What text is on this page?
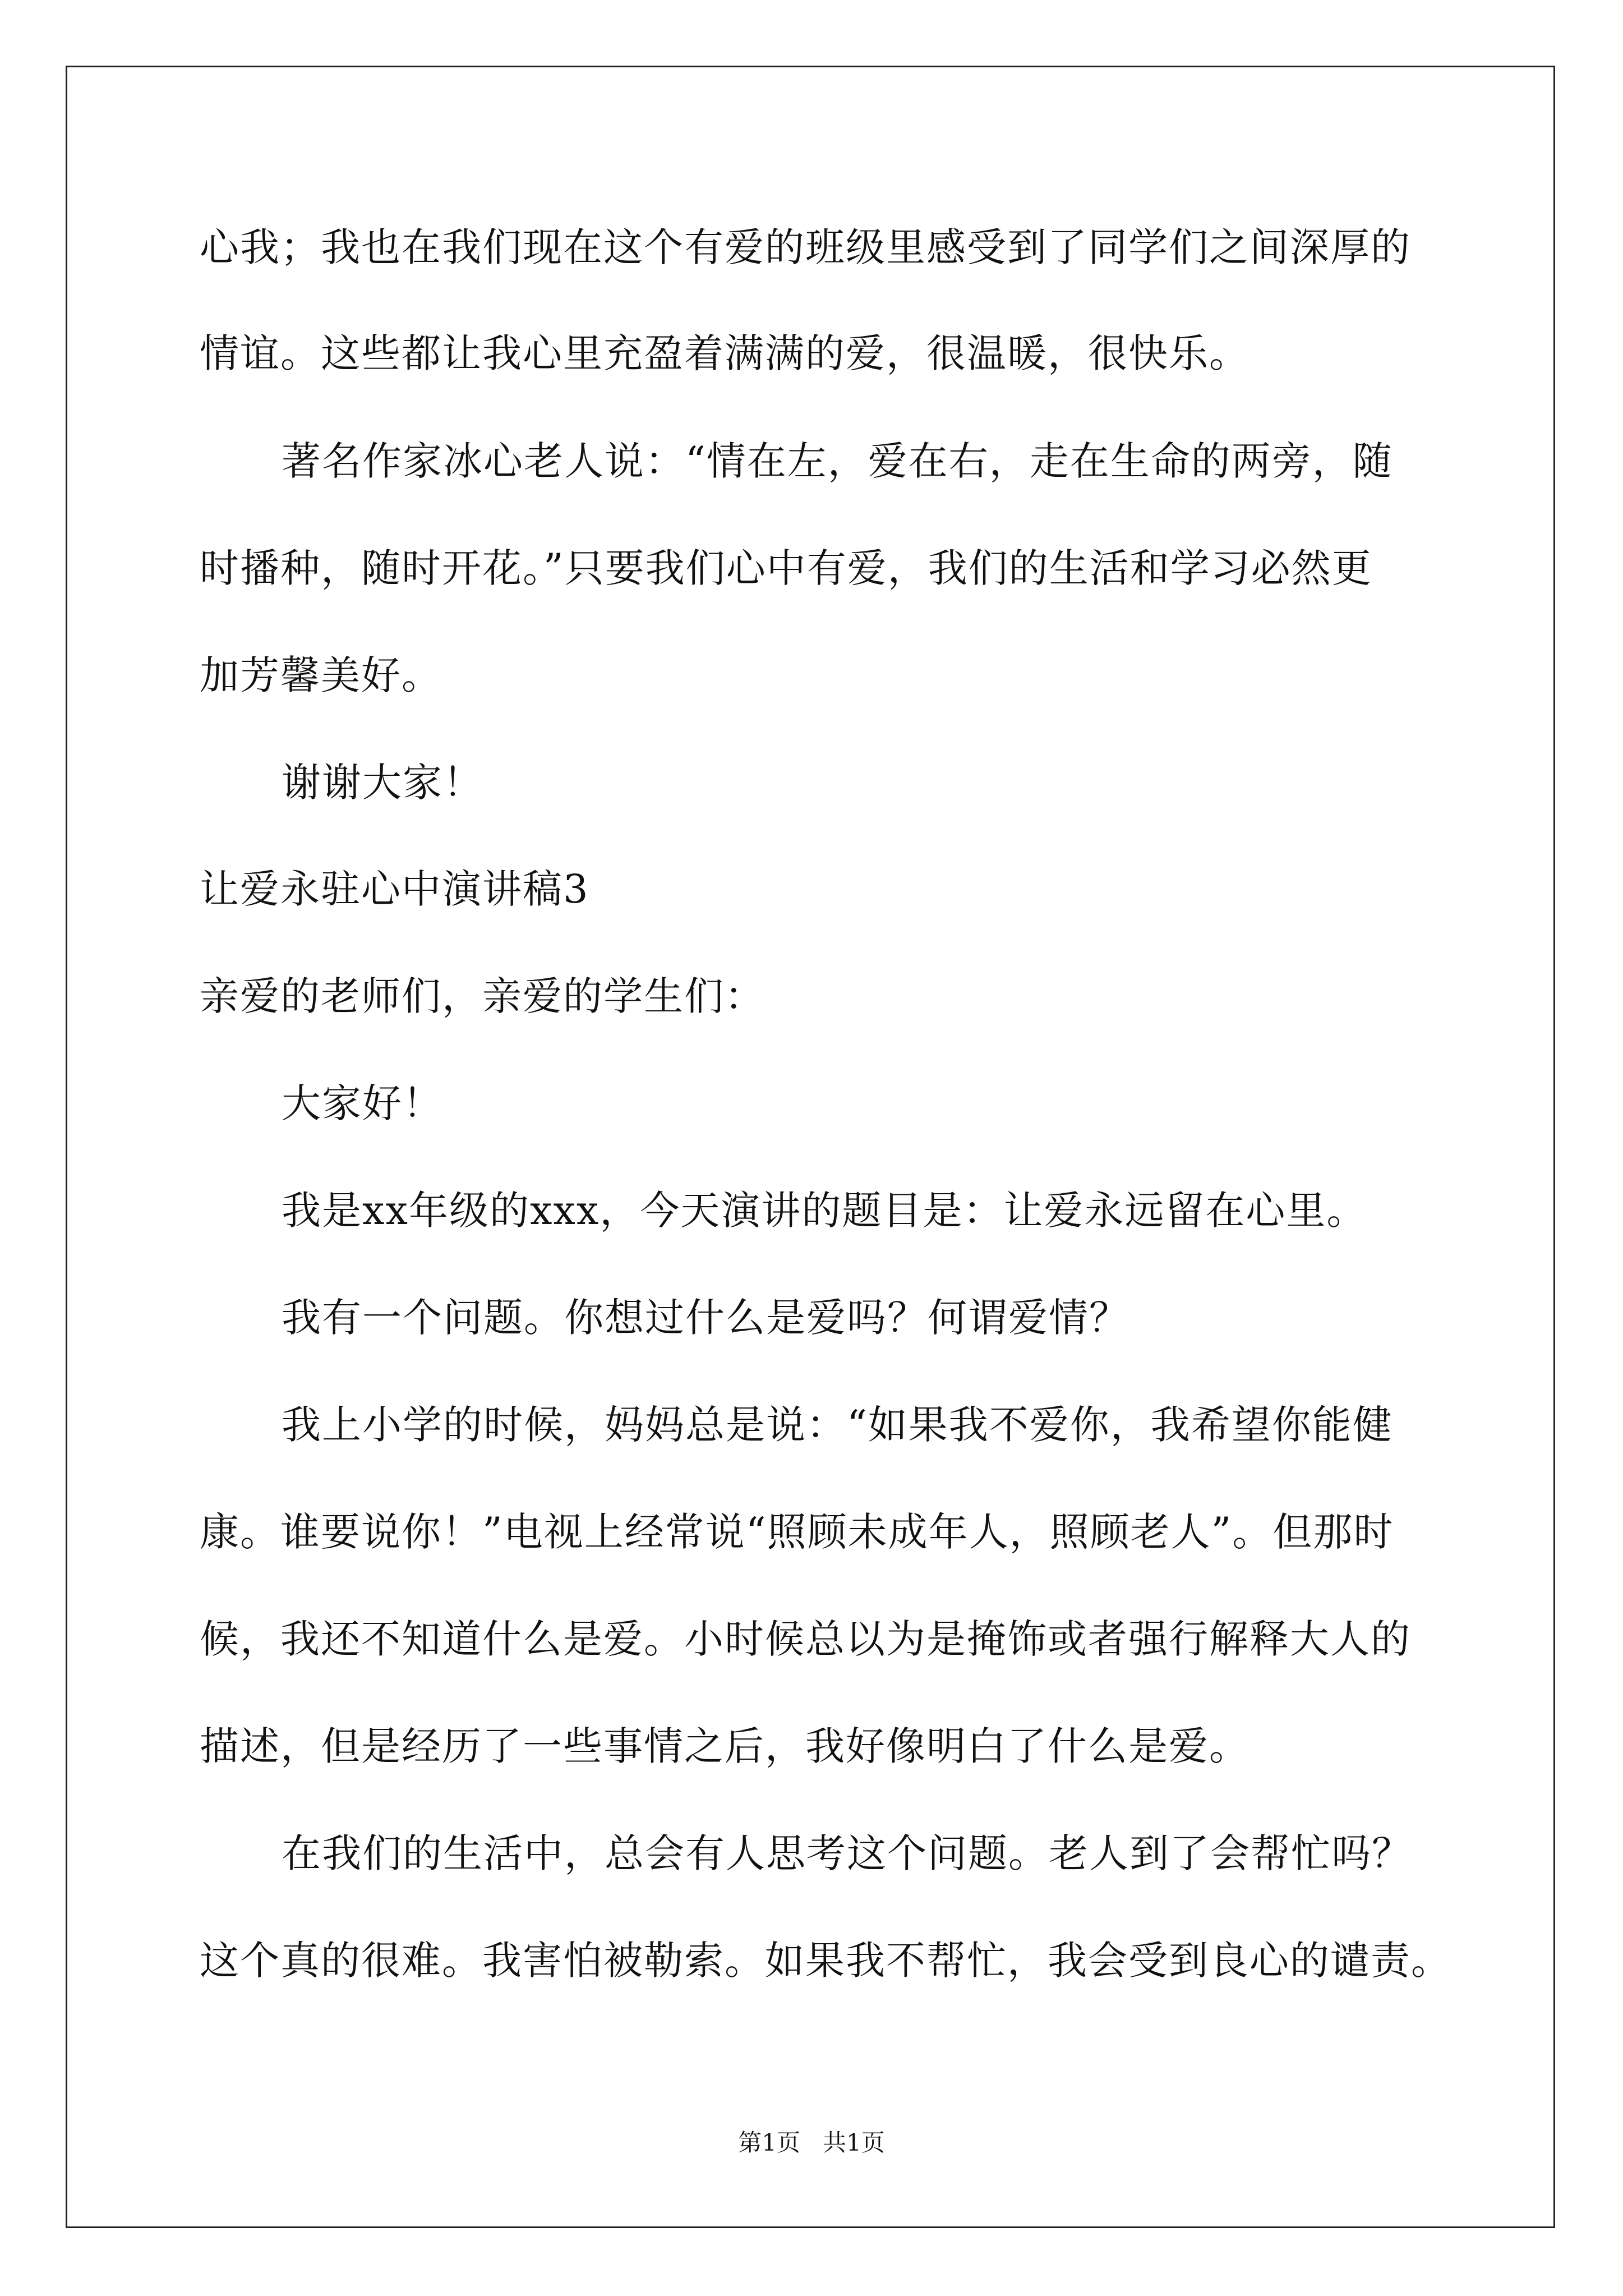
心我；我也在我们现在这个有爱的班级里感受到了同学们之间深厚的
情谊。这些都让我心里充盈着满满的爱，很温暖，很快乐。
著名作家冰心老人说：“情在左，爱在右，走在生命的两旁，随
时播种，随时开花。”只要我们心中有爱，我们的生活和学习必然更
加芳馨美好。
谢谢大家！
让爱永驻心中演讲稿3
亲爱的老师们，亲爱的学生们：
大家好！
我是xx年级的xxx，今天演讲的题目是：让爱永远留在心里。
我有一个问题。你想过什么是爱吗？何谓爱情？
我上小学的时候，妈妈总是说：“如果我不爱你，我希望你能健
康。谁要说你！”电视上经常说“照顾未成年人，照顾老人”。但那时
候，我还不知道什么是爱。小时候总以为是掩饰或者强行解释大人的
描述，但是经历了一些事情之后，我好像明白了什么是爱。
在我们的生活中，总会有人思考这个问题。老人到了会帮忙吗？
这个真的很难。我害怕被勒索。如果我不帮忙，我会受到良心的谴责。
第1页   共1页
